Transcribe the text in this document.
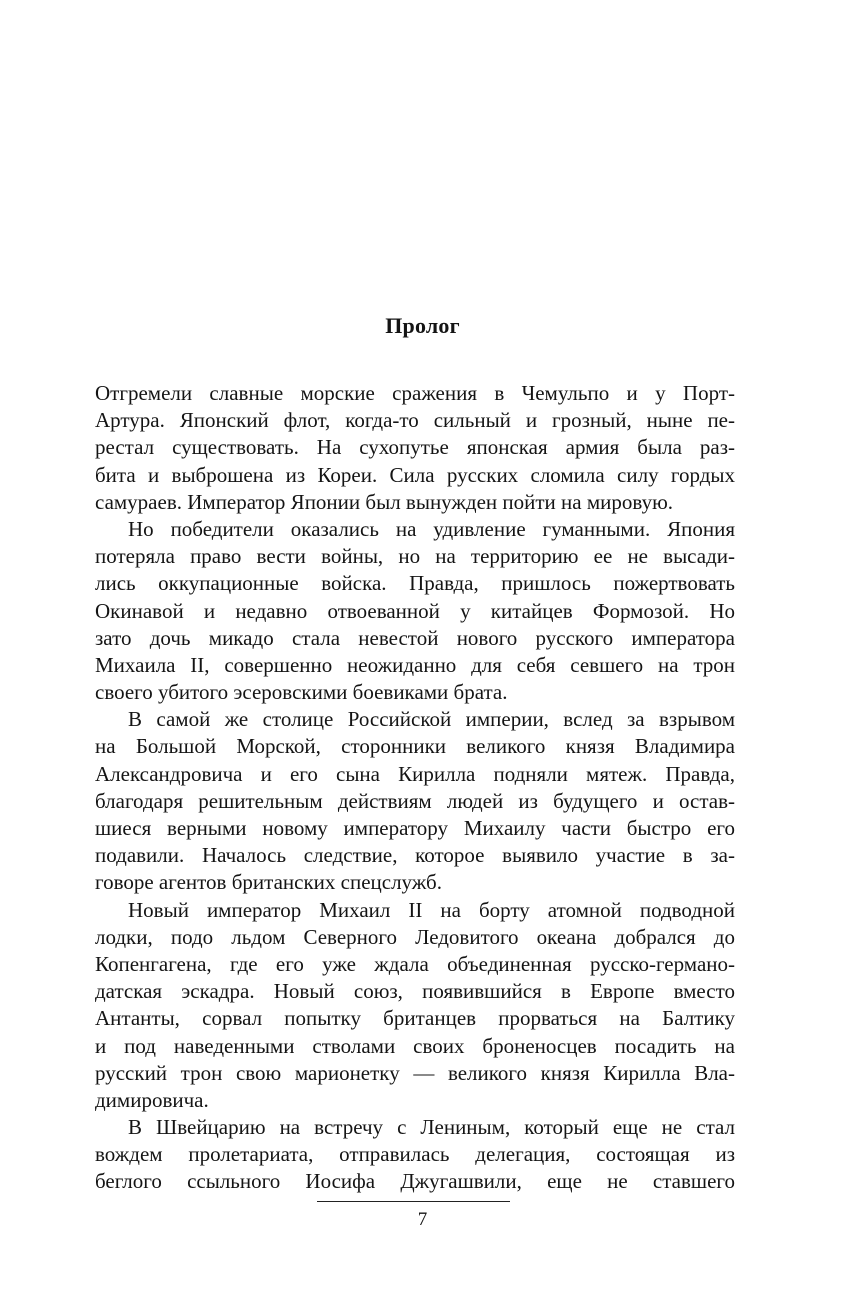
Пролог
Отгремели славные морские сражения в Чемульпо и у Порт-
Артура. Японский флот, когда-то сильный и грозный, ныне пе-
рестал существовать. На сухопутье японская армия была раз-
бита и выброшена из Кореи. Сила русских сломила силу гордых
самураев. Император Японии был вынужден пойти на мировую.
Но победители оказались на удивление гуманными. Япония
потеряла право вести войны, но на территорию ее не высади-
лись оккупационные войска. Правда, пришлось пожертвовать
Окинавой и недавно отвоеванной у китайцев Формозой. Но
зато дочь микадо стала невестой нового русского императора
Михаила II, совершенно неожиданно для себя севшего на трон
своего убитого эсеровскими боевиками брата.
В самой же столице Российской империи, вслед за взрывом
на Большой Морской, сторонники великого князя Владимира
Александровича и его сына Кирилла подняли мятеж. Правда,
благодаря решительным действиям людей из будущего и остав-
шиеся верными новому императору Михаилу части быстро его
подавили. Началось следствие, которое выявило участие в за-
говоре агентов британских спецслужб.
Новый император Михаил II на борту атомной подводной
лодки, подо льдом Северного Ледовитого океана добрался до
Копенгагена, где его уже ждала объединенная русско-германо-
датская эскадра. Новый союз, появившийся в Европе вместо
Антанты, сорвал попытку британцев прорваться на Балтику
и под наведенными стволами своих броненосцев посадить на
русский трон свою марионетку — великого князя Кирилла Вла-
димировича.
В Швейцарию на встречу с Лениным, который еще не стал
вождем пролетариата, отправилась делегация, состоящая из
беглого ссыльного Иосифа Джугашвили, еще не ставшего
7
